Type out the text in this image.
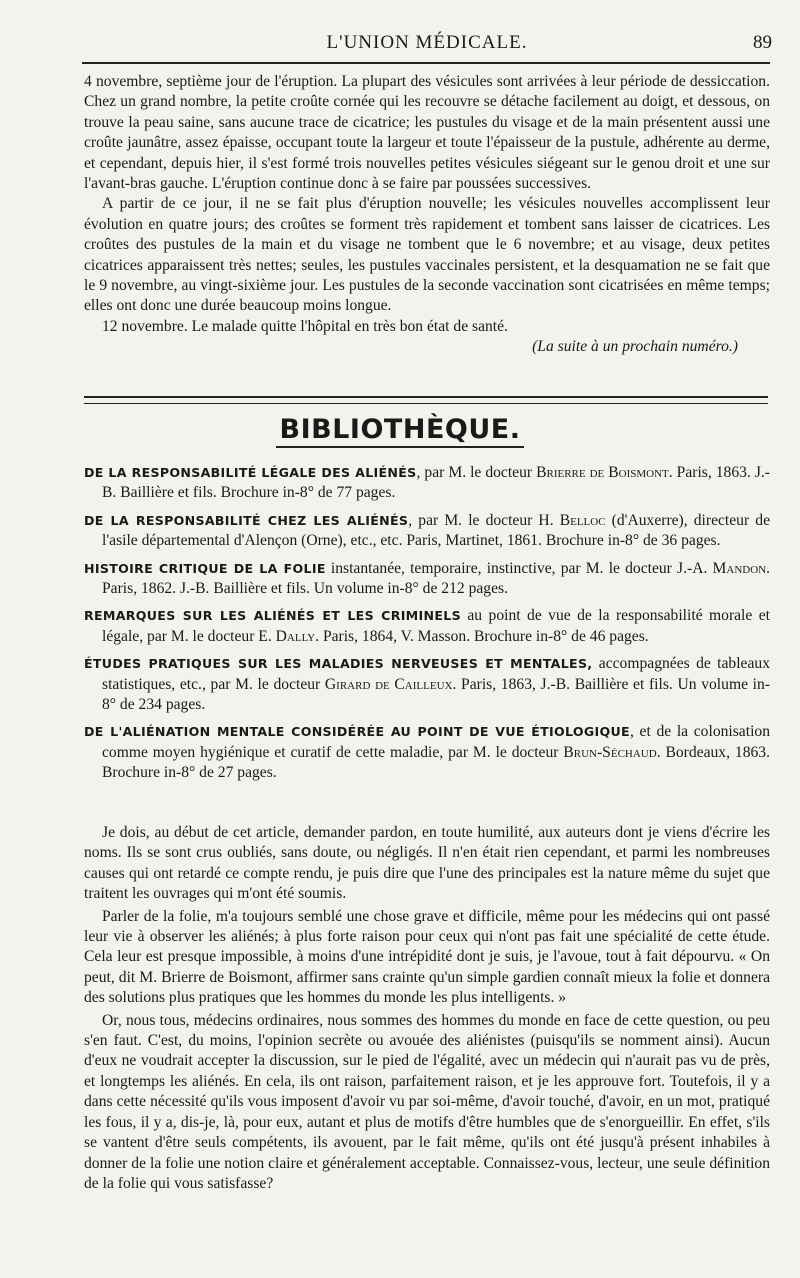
L'UNION MÉDICALE.	89

4 novembre, septième jour de l'éruption. La plupart des vésicules sont arrivées à leur période de dessiccation. Chez un grand nombre, la petite croûte cornée qui les recouvre se détache facilement au doigt, et dessous, on trouve la peau saine, sans aucune trace de cicatrice; les pustules du visage et de la main présentent aussi une croûte jaunâtre, assez épaisse, occupant toute la largeur et toute l'épaisseur de la pustule, adhérente au derme, et cependant, depuis hier, il s'est formé trois nouvelles petites vésicules siégeant sur le genou droit et une sur l'avant-bras gauche. L'éruption continue donc à se faire par poussées successives.

A partir de ce jour, il ne se fait plus d'éruption nouvelle; les vésicules nouvelles accomplissent leur évolution en quatre jours; des croûtes se forment très rapidement et tombent sans laisser de cicatrices. Les croûtes des pustules de la main et du visage ne tombent que le 6 novembre; et au visage, deux petites cicatrices apparaissent très nettes; seules, les pustules vaccinales persistent, et la desquamation ne se fait que le 9 novembre, au vingt-sixième jour. Les pustules de la seconde vaccination sont cicatrisées en même temps; elles ont donc une durée beaucoup moins longue.

12 novembre. Le malade quitte l'hôpital en très bon état de santé.

(La suite à un prochain numéro.)

BIBLIOTHÈQUE.

DE LA RESPONSABILITÉ LÉGALE DES ALIÉNÉS, par M. le docteur Brierre de Boismont. Paris, 1863. J.-B. Baillière et fils. Brochure in-8° de 77 pages.

DE LA RESPONSABILITÉ CHEZ LES ALIÉNÉS, par M. le docteur H. Belloc (d'Auxerre), directeur de l'asile départemental d'Alençon (Orne), etc., etc. Paris, Martinet, 1861. Brochure in-8° de 36 pages.

HISTOIRE CRITIQUE DE LA FOLIE instantanée, temporaire, instinctive, par M. le docteur J.-A. Mandon. Paris, 1862. J.-B. Baillière et fils. Un volume in-8° de 212 pages.

REMARQUES SUR LES ALIÉNÉS ET LES CRIMINELS au point de vue de la responsabilité morale et légale, par M. le docteur E. Dally. Paris, 1864, V. Masson. Brochure in-8° de 46 pages.

ÉTUDES PRATIQUES SUR LES MALADIES NERVEUSES ET MENTALES, accompagnées de tableaux statistiques, etc., par M. le docteur Girard de Cailleux. Paris, 1863, J.-B. Baillière et fils. Un volume in-8° de 234 pages.

DE L'ALIÉNATION MENTALE CONSIDÉRÉE AU POINT DE VUE ÉTIOLOGIQUE, et de la colonisation comme moyen hygiénique et curatif de cette maladie, par M. le docteur Brun-Séchaud. Bordeaux, 1863. Brochure in-8° de 27 pages.

Je dois, au début de cet article, demander pardon, en toute humilité, aux auteurs dont je viens d'écrire les noms. Ils se sont crus oubliés, sans doute, ou négligés. Il n'en était rien cependant, et parmi les nombreuses causes qui ont retardé ce compte rendu, je puis dire que l'une des principales est la nature même du sujet que traitent les ouvrages qui m'ont été soumis.

Parler de la folie, m'a toujours semblé une chose grave et difficile, même pour les médecins qui ont passé leur vie à observer les aliénés; à plus forte raison pour ceux qui n'ont pas fait une spécialité de cette étude. Cela leur est presque impossible, à moins d'une intrépidité dont je suis, je l'avoue, tout à fait dépourvu. « On peut, dit M. Brierre de Boismont, affirmer sans crainte qu'un simple gardien connaît mieux la folie et donnera des solutions plus pratiques que les hommes du monde les plus intelligents. »

Or, nous tous, médecins ordinaires, nous sommes des hommes du monde en face de cette question, ou peu s'en faut. C'est, du moins, l'opinion secrète ou avouée des aliénistes (puisqu'ils se nomment ainsi). Aucun d'eux ne voudrait accepter la discussion, sur le pied de l'égalité, avec un médecin qui n'aurait pas vu de près, et longtemps les aliénés. En cela, ils ont raison, parfaitement raison, et je les approuve fort. Toutefois, il y a dans cette nécessité qu'ils vous imposent d'avoir vu par soi-même, d'avoir touché, d'avoir, en un mot, pratiqué les fous, il y a, dis-je, là, pour eux, autant et plus de motifs d'être humbles que de s'enorgueillir. En effet, s'ils se vantent d'être seuls compétents, ils avouent, par le fait même, qu'ils ont été jusqu'à présent inhabiles à donner de la folie une notion claire et généralement acceptable. Connaissez-vous, lecteur, une seule définition de la folie qui vous satisfasse?
